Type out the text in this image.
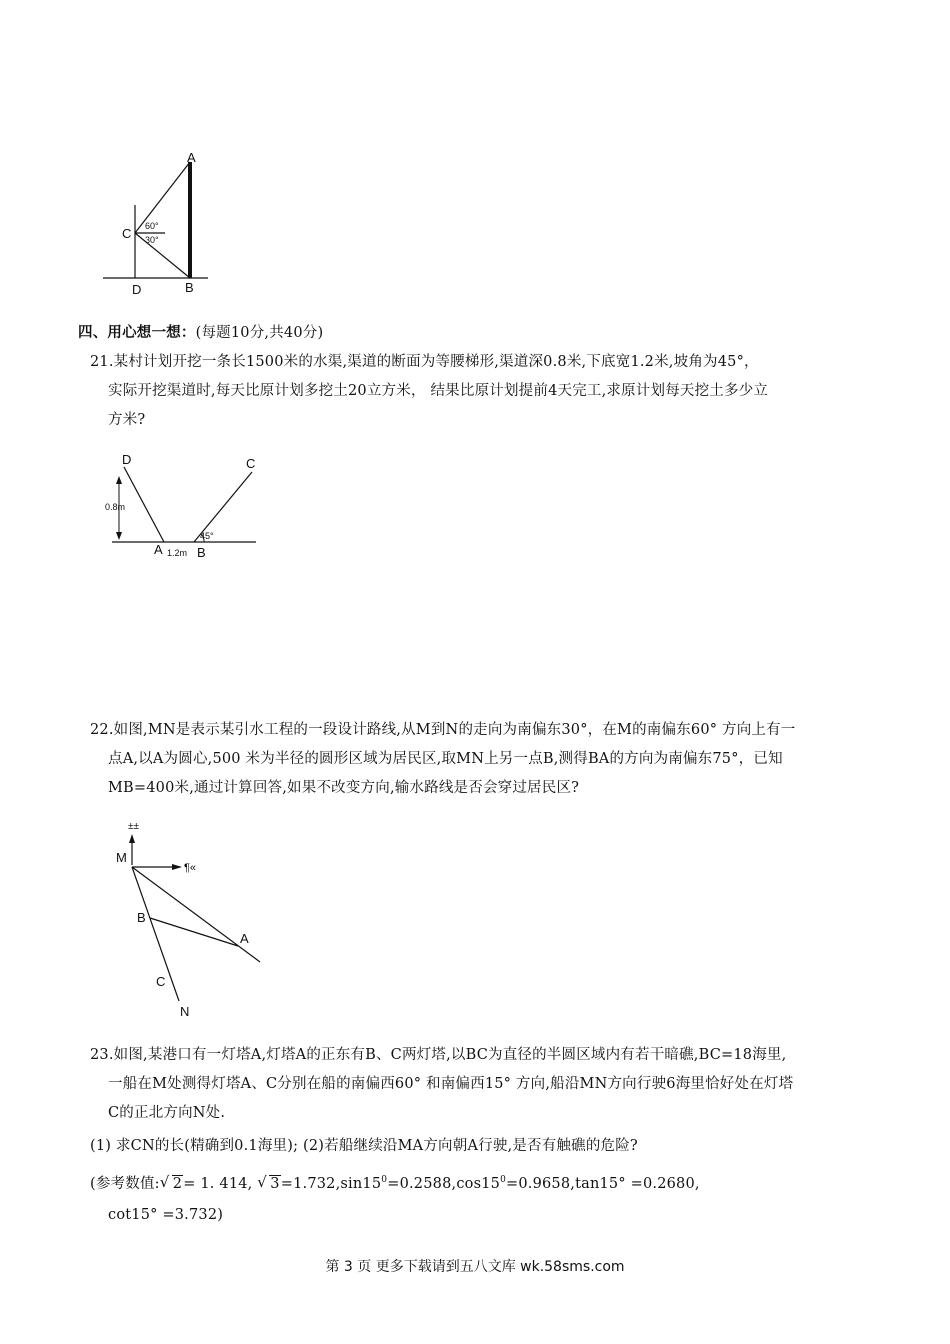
A
C
D	B
60°
30°
四、用心想一想：(每题10分,共40分)
21.某村计划开挖一条长1500米的水渠,渠道的断面为等腰梯形,渠道深0.8米,下底宽1.2米,坡角为45°，
实际开挖渠道时,每天比原计划多挖土20立方米， 结果比原计划提前4天完工,求原计划每天挖土多少立
方米?
D	C
A	B
0.8m
1.2m
45°
22.如图,MN是表示某引水工程的一段设计路线,从M到N的走向为南偏东30°，在M的南偏东60° 方向上有一
点A,以A为圆心,500 米为半径的圆形区域为居民区,取MN上另一点B,测得BA的方向为南偏东75°，已知
MB=400米,通过计算回答,如果不改变方向,输水路线是否会穿过居民区?
±±
¶«
M
B
A
C
N
23.如图,某港口有一灯塔A,灯塔A的正东有B、C两灯塔,以BC为直径的半圆区域内有若干暗礁,BC=18海里,
一船在M处测得灯塔A、C分别在船的南偏西60° 和南偏西15° 方向,船沿MN方向行驶6海里恰好处在灯塔
C的正北方向N处.
(1) 求CN的长(精确到0.1海里); (2)若船继续沿MA方向朝A行驶,是否有触礁的危险?
(参考数值: √ 2= 1. 414, √ $3=1.732,\sin 15^0=0.2588,\cos 15^0=0.9658,\tan 15^\circ =0.2680$,
cot15° =3.732)
第 3 页 更多下载请到五八文库 wk.58sms.com
